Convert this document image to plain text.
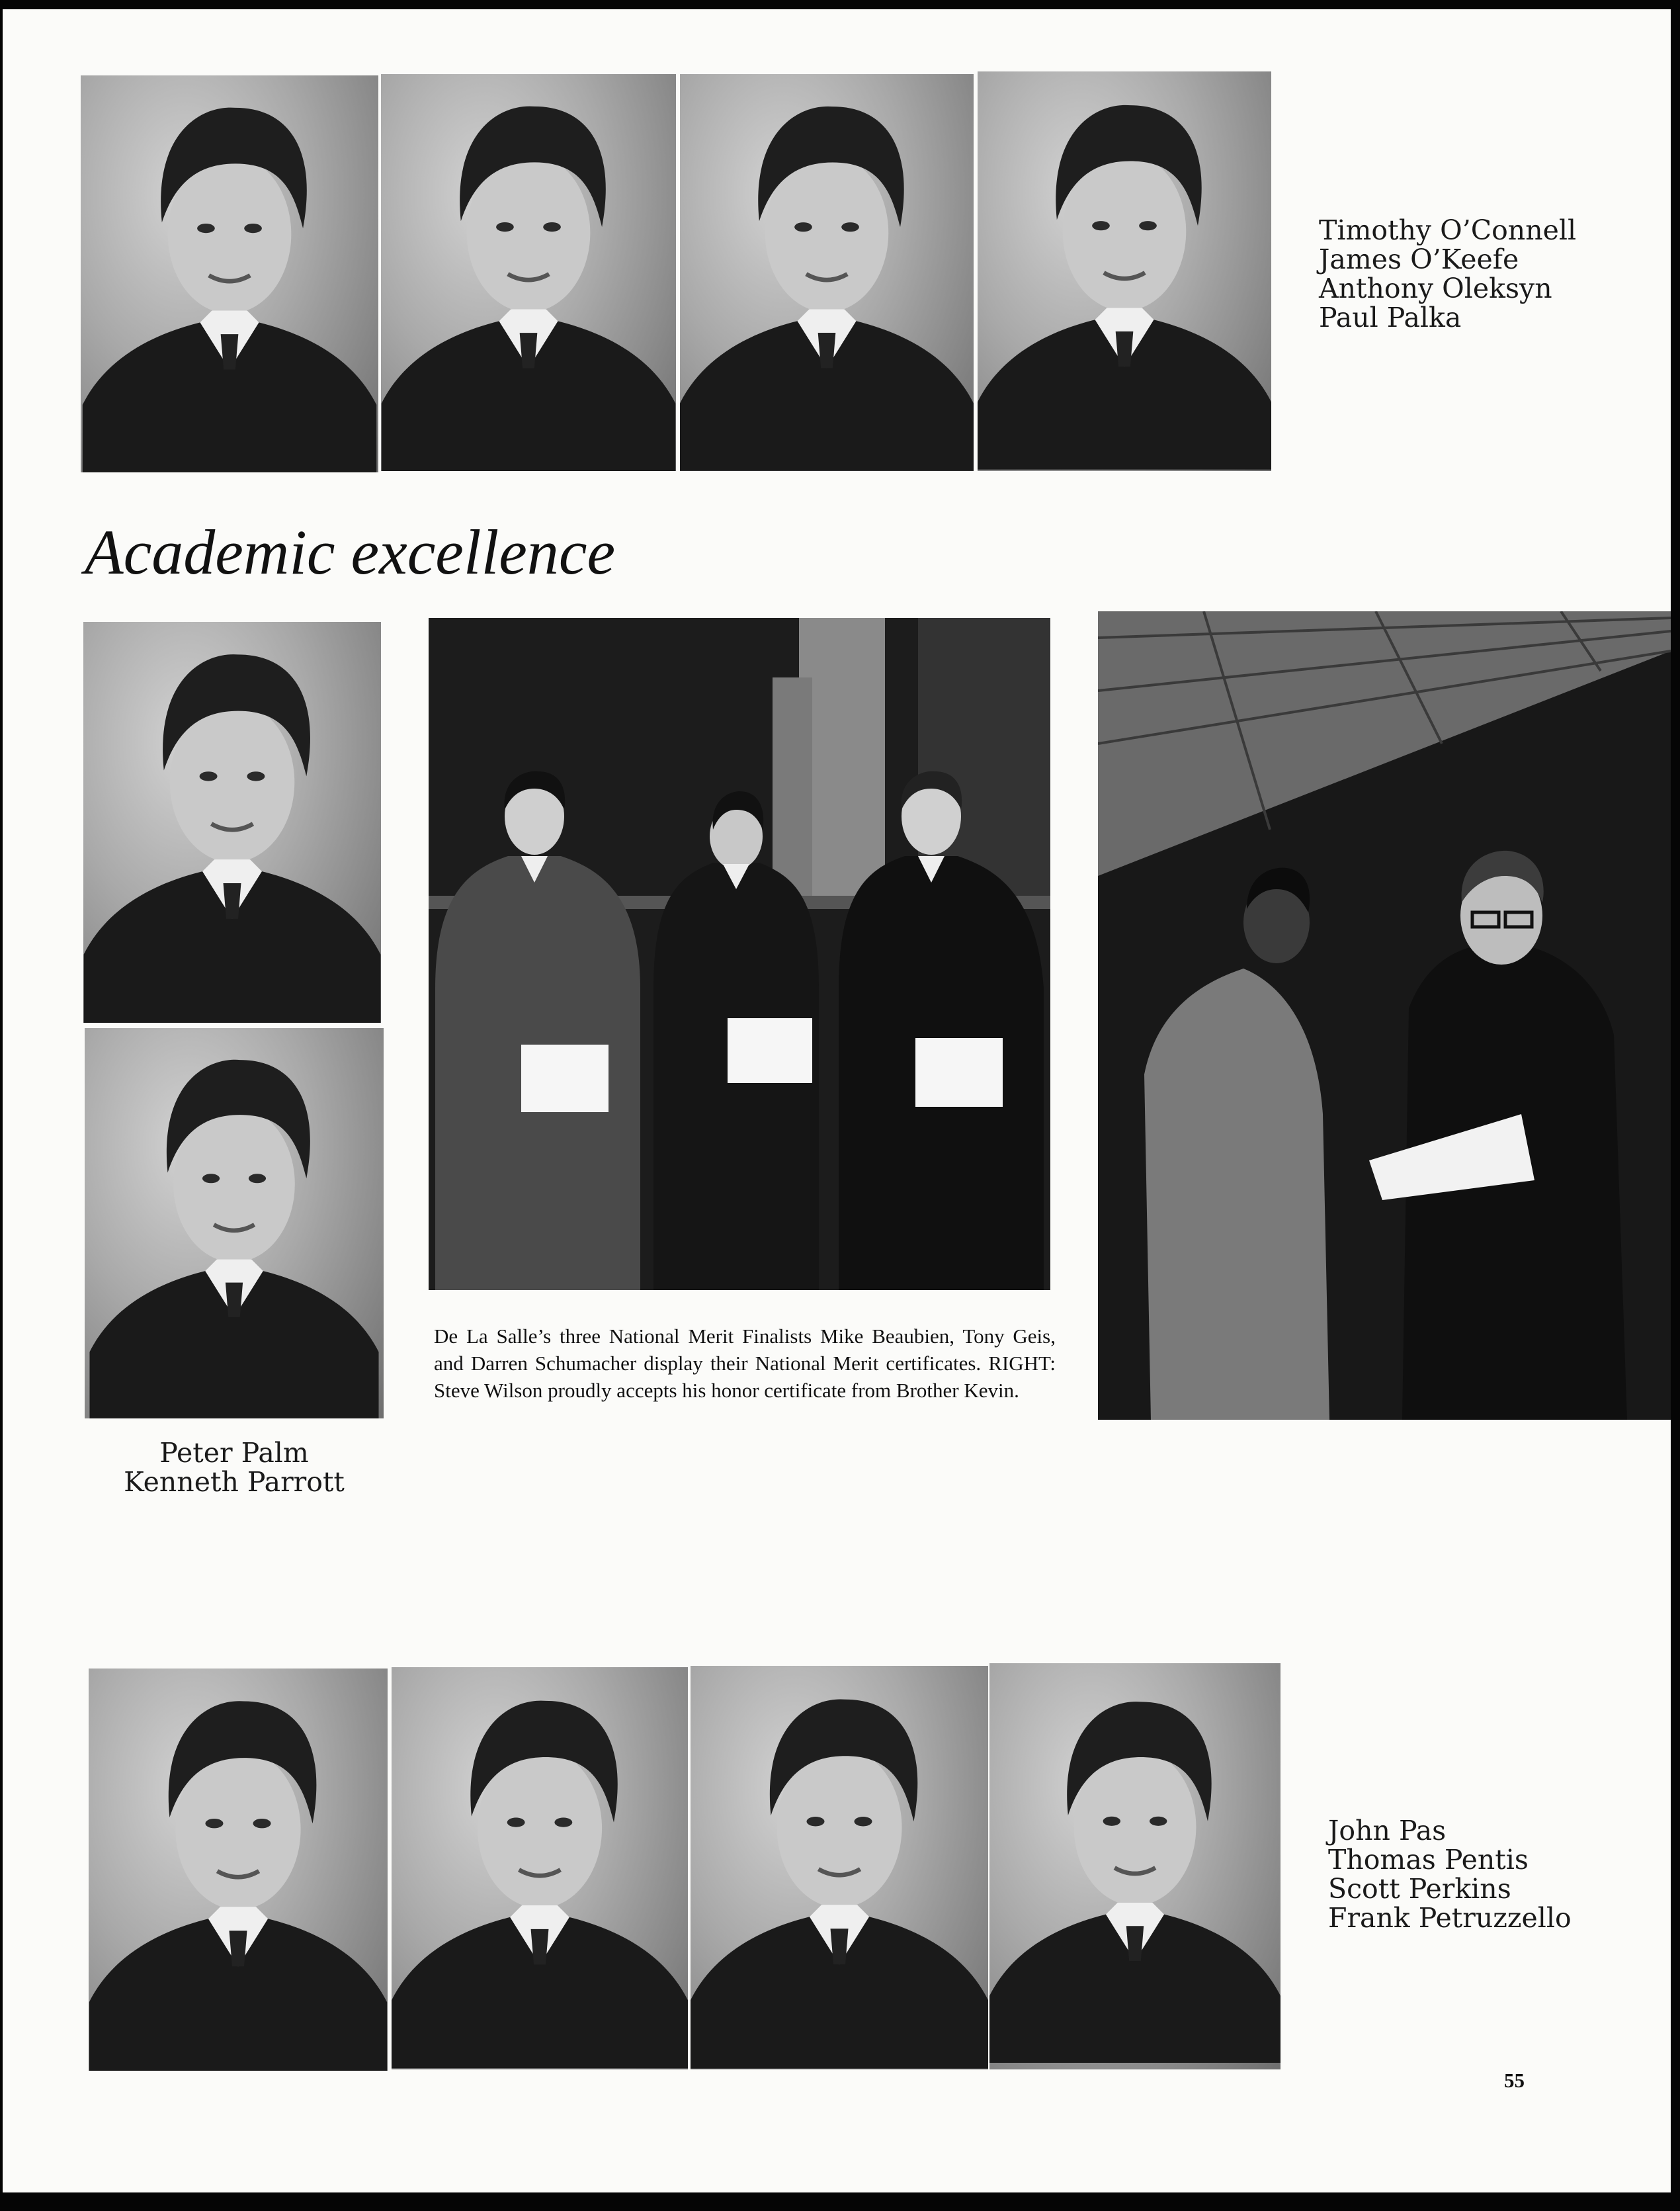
Timothy O’Connell
James O’Keefe
Anthony Oleksyn
Paul Palka
Academic excellence
Peter Palm
Kenneth Parrott
De La Salle’s three National Merit Finalists Mike Beaubien, Tony Geis, and Darren Schumacher display their National Merit certificates. RIGHT: Steve Wilson proudly accepts his honor certificate from Brother Kevin.
John Pas
Thomas Pentis
Scott Perkins
Frank Petruzzello
55
